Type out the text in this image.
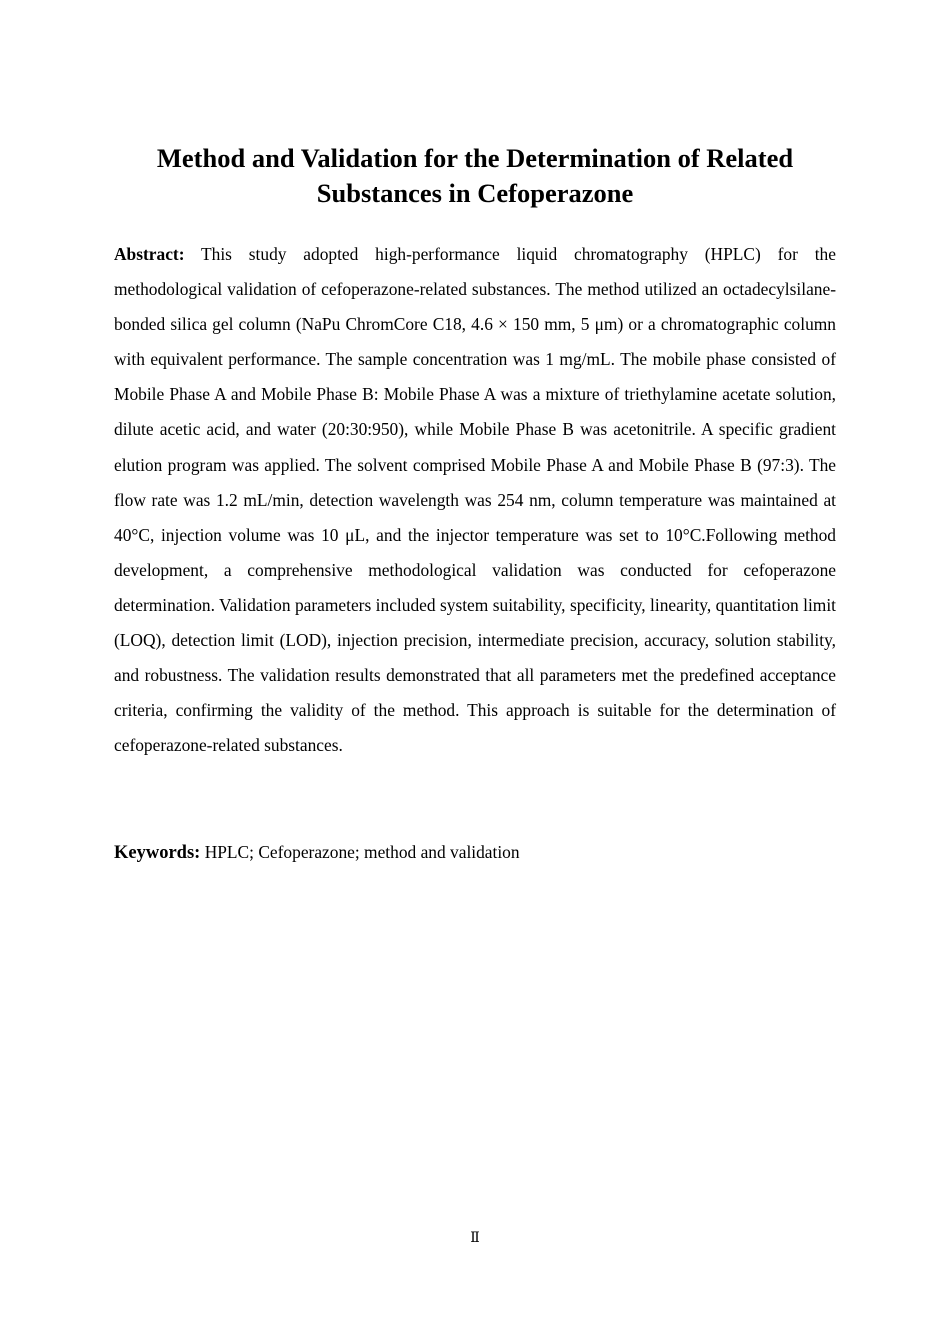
Method and Validation for the Determination of Related Substances in Cefoperazone

Abstract: This study adopted high-performance liquid chromatography (HPLC) for the methodological validation of cefoperazone-related substances. The method utilized an octadecylsilane-bonded silica gel column (NaPu ChromCore C18, 4.6 × 150 mm, 5 μm) or a chromatographic column with equivalent performance. The sample concentration was 1 mg/mL. The mobile phase consisted of Mobile Phase A and Mobile Phase B: Mobile Phase A was a mixture of triethylamine acetate solution, dilute acetic acid, and water (20:30:950), while Mobile Phase B was acetonitrile. A specific gradient elution program was applied. The solvent comprised Mobile Phase A and Mobile Phase B (97:3). The flow rate was 1.2 mL/min, detection wavelength was 254 nm, column temperature was maintained at 40°C, injection volume was 10 μL, and the injector temperature was set to 10°C.Following method development, a comprehensive methodological validation was conducted for cefoperazone determination. Validation parameters included system suitability, specificity, linearity, quantitation limit (LOQ), detection limit (LOD), injection precision, intermediate precision, accuracy, solution stability, and robustness. The validation results demonstrated that all parameters met the predefined acceptance criteria, confirming the validity of the method. This approach is suitable for the determination of cefoperazone-related substances.

Keywords: HPLC; Cefoperazone; method and validation

Ⅱ
